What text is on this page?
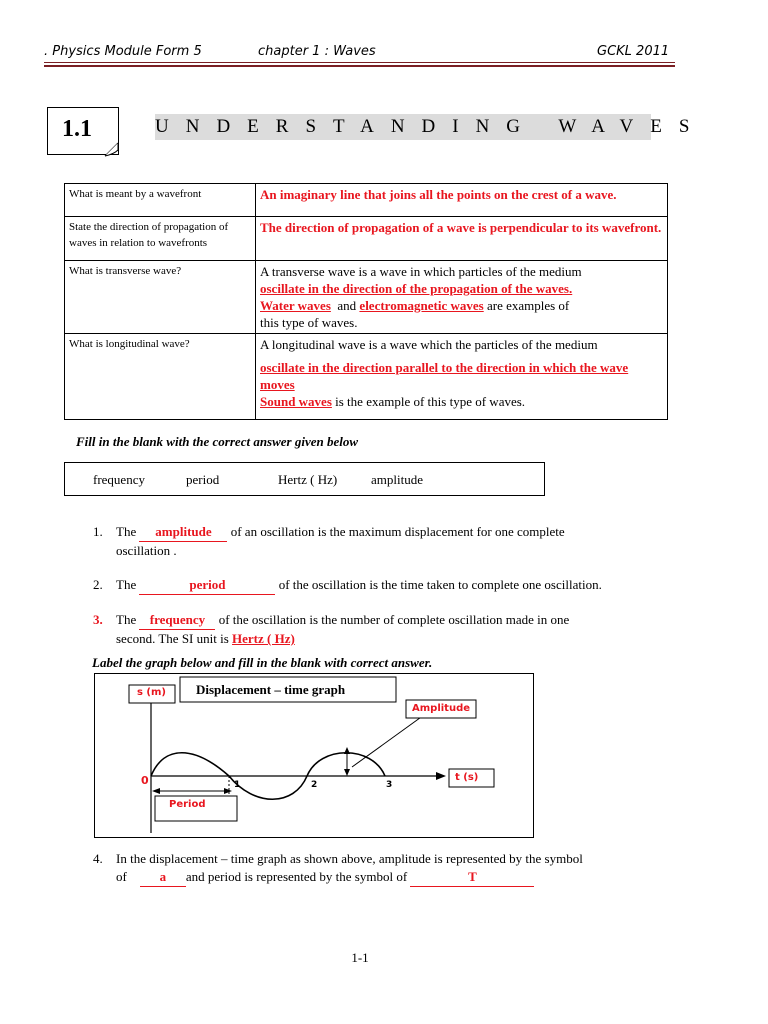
. Physics Module Form 5	chapter 1 : Waves	GCKL 2011
1.1	UNDERSTANDING WAVES
What is meant by a wavefront	An imaginary line that joins all the points on the crest of a wave.
State the direction of propagation of waves in relation to wavefronts	The direction of propagation of a wave is perpendicular to its wavefront.
What is transverse wave?	A transverse wave is a wave in which particles of the medium
oscillate in the direction of the propagation of the waves.
Water waves and electromagnetic waves are examples of
this type of waves.
What is longitudinal wave?	A longitudinal wave is a wave which the particles of the medium
oscillate in the direction parallel to the direction in which the wave moves
Sound waves is the example of this type of waves.
Fill in the blank with the correct answer given below
frequency	period	Hertz ( Hz)	amplitude
1. The amplitude of an oscillation is the maximum displacement for one complete
oscillation .
2. The	period	of the oscillation is the time taken to complete one oscillation.
3. The frequency of the oscillation is the number of complete oscillation made in one
second. The SI unit is Hertz ( Hz)
Label the graph below and fill in the blank with correct answer.
Displacement – time graph
s (m)
Amplitude
t (s)
Period
0	1	2	3
4. In the displacement – time graph as shown above, amplitude is represented by the symbol
of	a and period is represented by the symbol of	T
1-1
